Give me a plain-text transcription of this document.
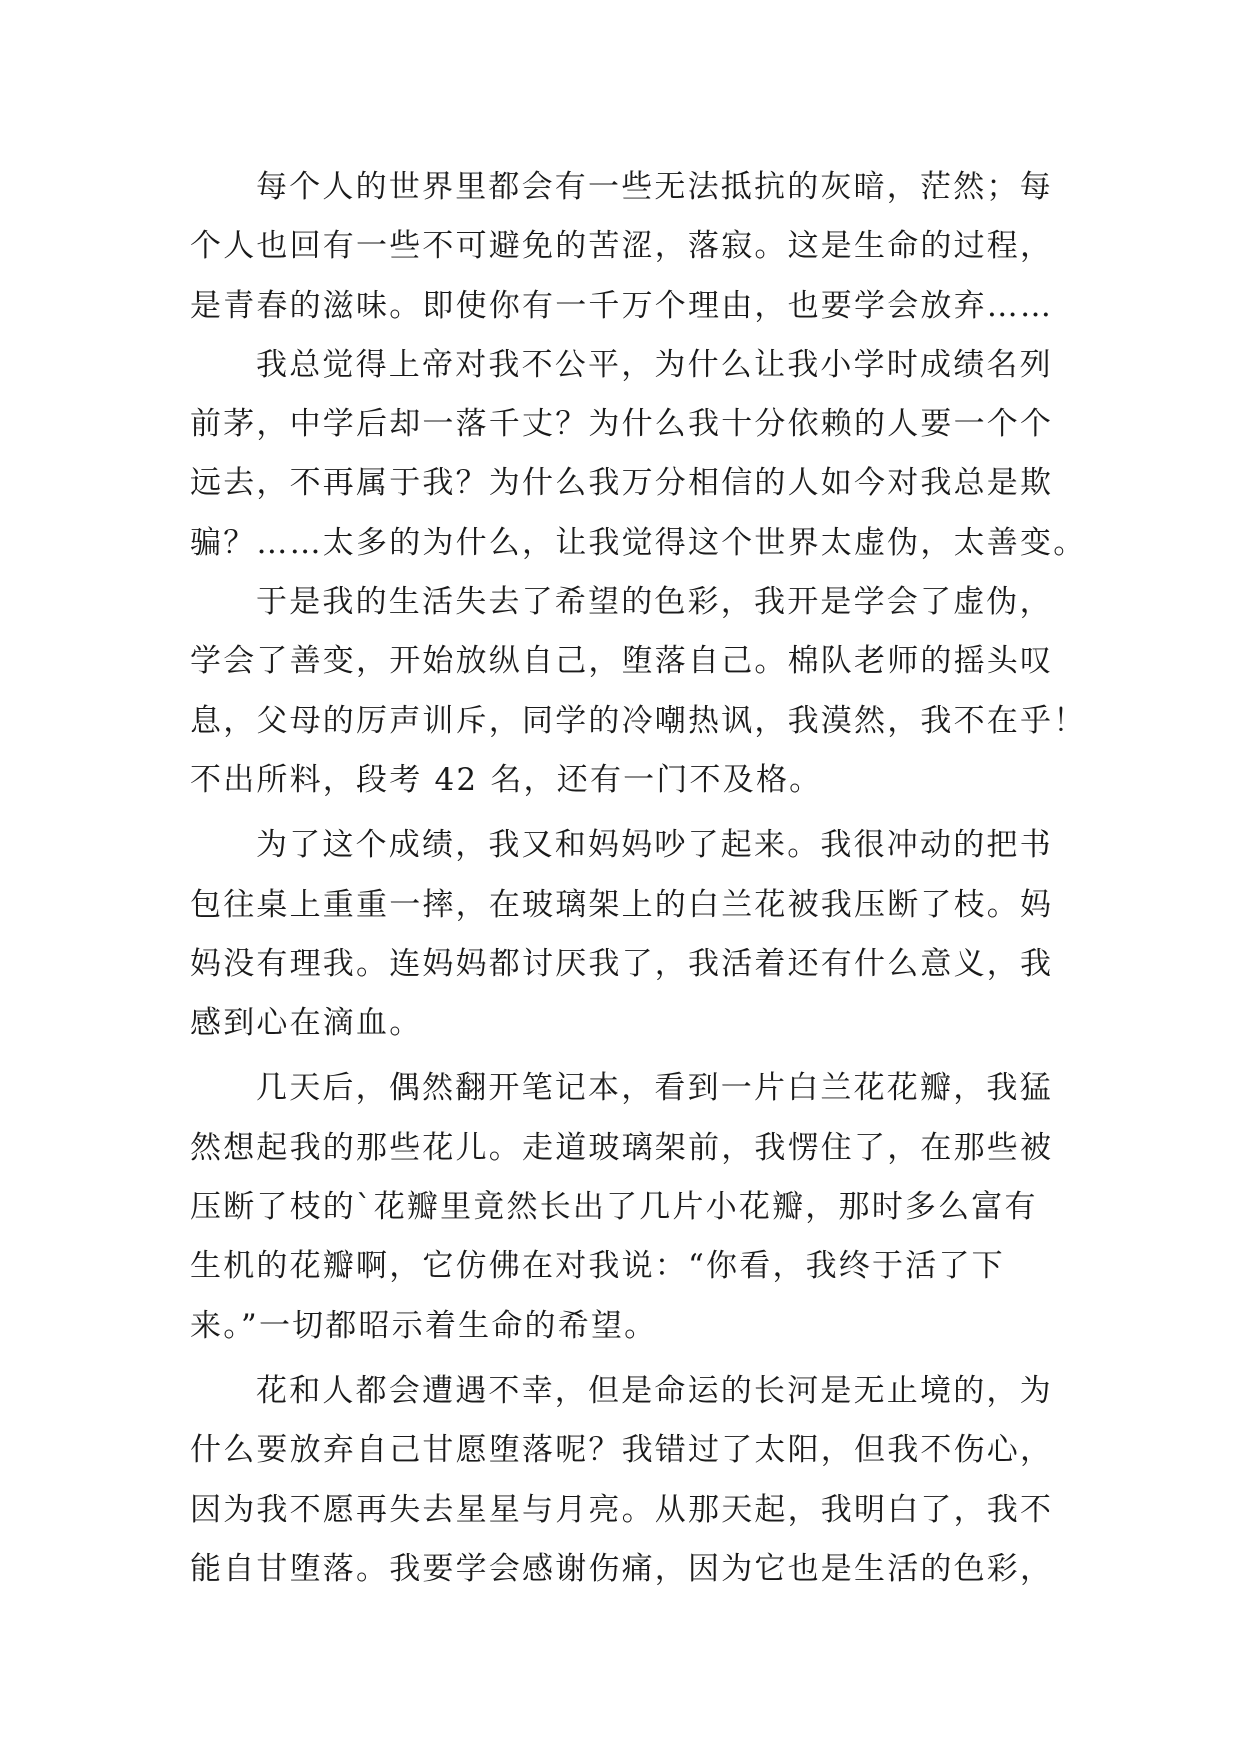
每个人的世界里都会有一些无法抵抗的灰暗，茫然；每
个人也回有一些不可避免的苦涩，落寂。这是生命的过程，
是青春的滋味。即使你有一千万个理由，也要学会放弃……
我总觉得上帝对我不公平，为什么让我小学时成绩名列
前茅，中学后却一落千丈？为什么我十分依赖的人要一个个
远去，不再属于我？为什么我万分相信的人如今对我总是欺
骗？……太多的为什么，让我觉得这个世界太虚伪，太善变。
于是我的生活失去了希望的色彩，我开是学会了虚伪，
学会了善变，开始放纵自己，堕落自己。棉队老师的摇头叹
息，父母的厉声训斥，同学的冷嘲热讽，我漠然，我不在乎！
不出所料，段考 42 名，还有一门不及格。
为了这个成绩，我又和妈妈吵了起来。我很冲动的把书
包往桌上重重一摔，在玻璃架上的白兰花被我压断了枝。妈
妈没有理我。连妈妈都讨厌我了，我活着还有什么意义，我
感到心在滴血。
几天后，偶然翻开笔记本，看到一片白兰花花瓣，我猛
然想起我的那些花儿。走道玻璃架前，我愣住了，在那些被
压断了枝的`花瓣里竟然长出了几片小花瓣，那时多么富有
生机的花瓣啊，它仿佛在对我说：“你看，我终于活了下
来。”一切都昭示着生命的希望。
花和人都会遭遇不幸，但是命运的长河是无止境的，为
什么要放弃自己甘愿堕落呢？我错过了太阳，但我不伤心，
因为我不愿再失去星星与月亮。从那天起，我明白了，我不
能自甘堕落。我要学会感谢伤痛，因为它也是生活的色彩，
